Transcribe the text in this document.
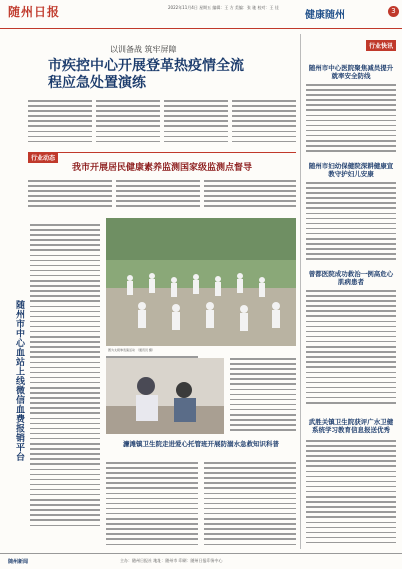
随州日报	2022年11月4日 星期五 编辑：王 方 美编：张 驰 校对：王 佳
健康随州	3
以训备战 筑牢屏障
市疾控中心开展登革热疫情全流程应急处置演练
行业快讯
随州市中心医院聚焦减员提升就率安全防线
随州市妇幼保健院深耕健康宣教守护妇儿安康
行业动态
我市开展居民健康素养监测国家级监测点督导
随州市中心血站上线微信血费报销平台	图为太极拳表演活动 （通讯员 摄）
濂滩镇卫生院走进爱心托管班开展防溺水急救知识科普
曾都医院成功救治一例高危心肌病患者
武胜关镇卫生院获评广水卫健系统学习教育信息报送优秀
随州新闻	主办：随州日报社 地址：随州市 印刷：随州日报印务中心
